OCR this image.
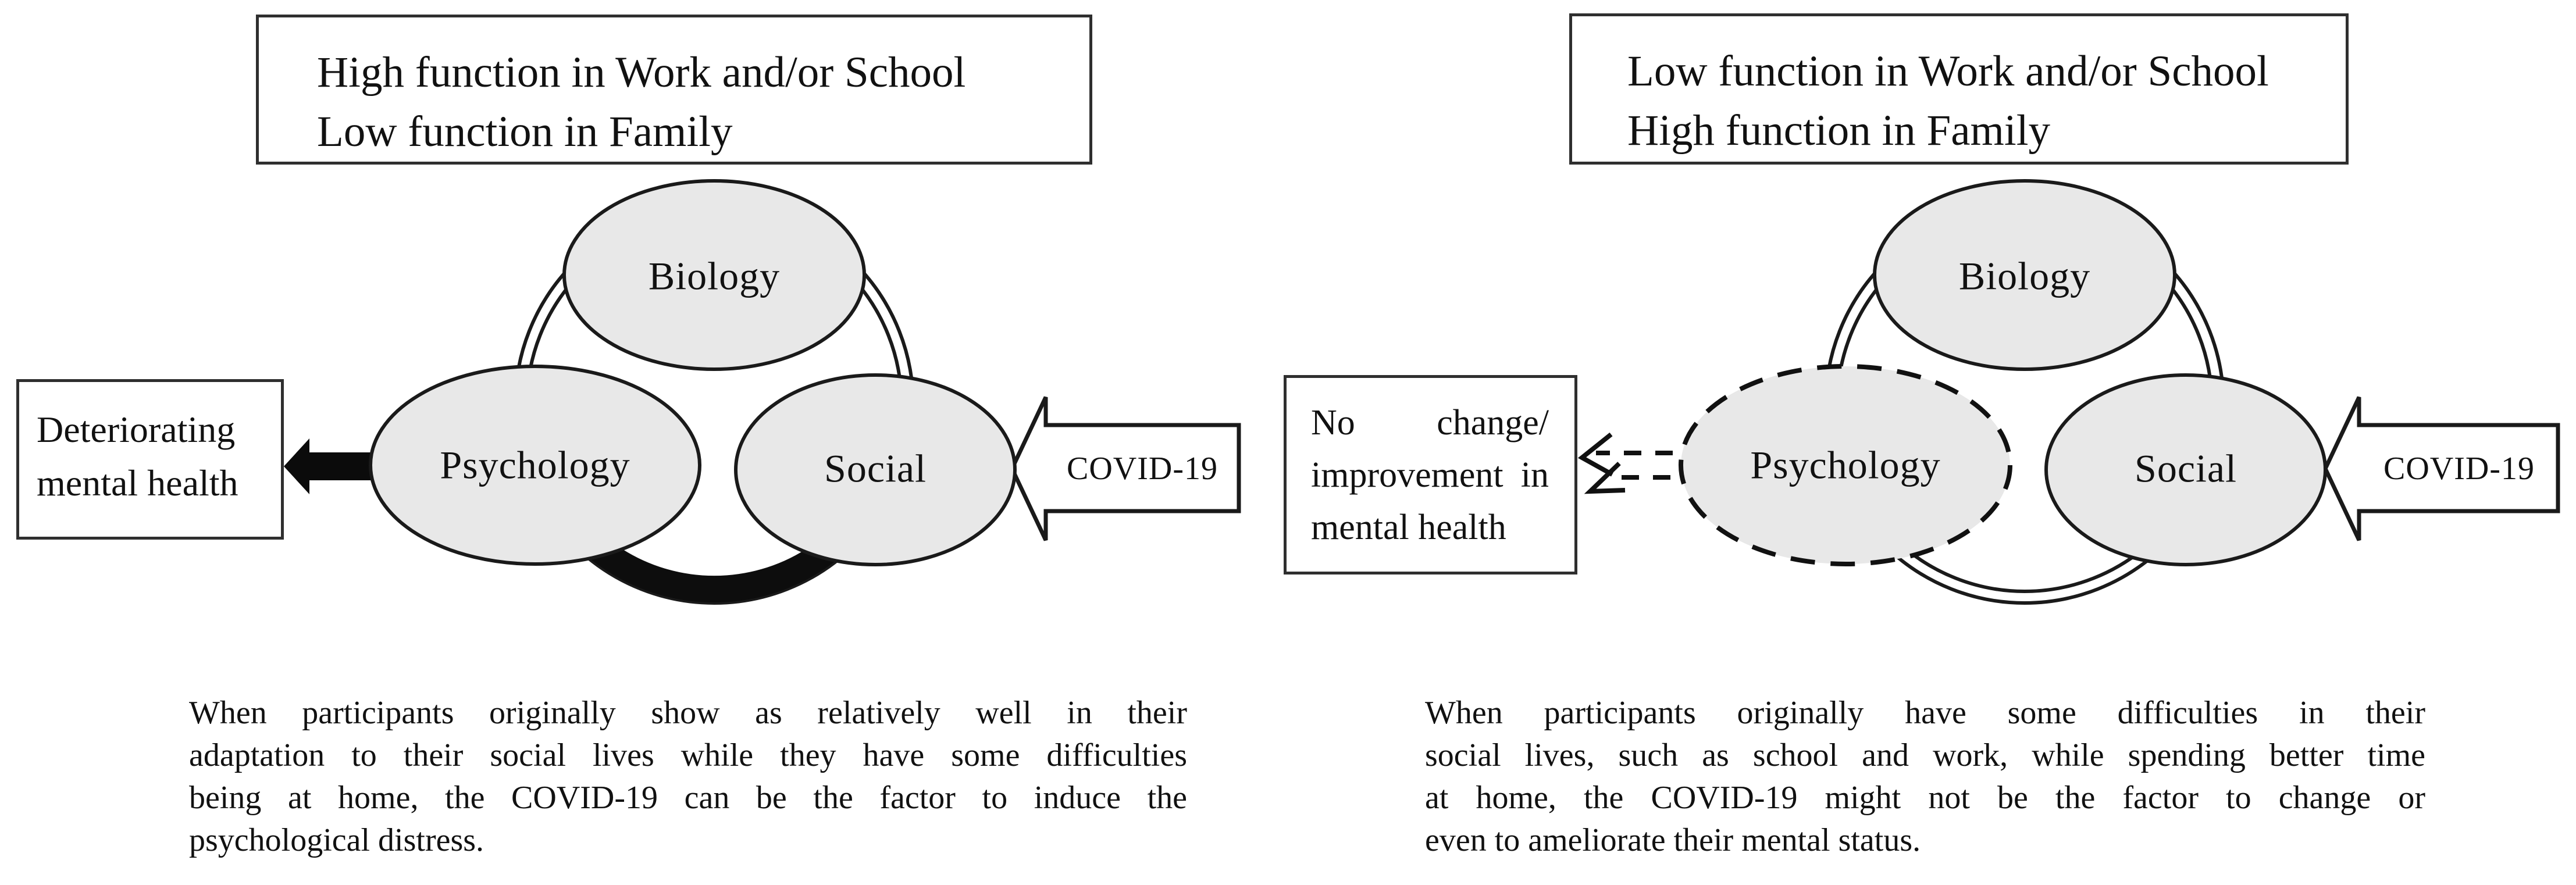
High function in Work and/or School
Low function in Family
Low function in Work and/or School
High function in Family
Deteriorating
mental health
No change/
improvement in
mental health
Biology
Psychology	Social
Biology
Psychology	Social
COVID-19	COVID-19
When participants originally show as relatively well in their
adaptation to their social lives while they have some difficulties
being at home, the COVID-19 can be the factor to induce the
psychological distress.
When participants originally have some difficulties in their
social lives, such as school and work, while spending better time
at home, the COVID-19 might not be the factor to change or
even to ameliorate their mental status.
